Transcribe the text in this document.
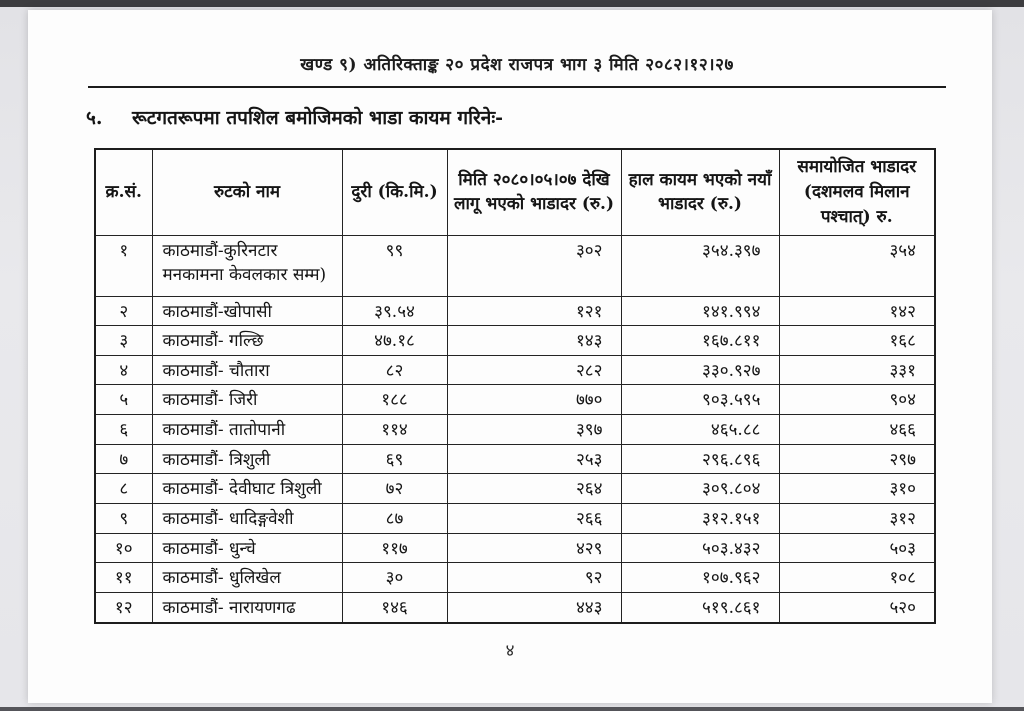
खण्ड ९) अतिरिक्ताङ्क २० प्रदेश राजपत्र भाग ३ मिति २०८२।१२।२७
५.	रूटगतरूपमा तपशिल बमोजिमको भाडा कायम गरिनेः-
क्र.सं.	रुटको नाम	दुरी (कि.मि.)	मिति २०८०।०५।०७ देखि लागू भएको भाडादर (रु.)	हाल कायम भएको नयाँ भाडादर (रु.)	समायोजित भाडादर (दशमलव मिलान पश्चात्) रु.
१	काठमाडौं-कुरिनटार मनकामना केवलकार सम्म)	९९	३०२	३५४.३९७	३५४
२	काठमाडौं-खोपासी	३९.५४	१२१	१४१.९९४	१४२
३	काठमाडौं- गल्छि	४७.१८	१४३	१६७.८११	१६८
४	काठमाडौं- चौतारा	८२	२८२	३३०.९२७	३३१
५	काठमाडौं- जिरी	१८८	७७०	९०३.५९५	९०४
६	काठमाडौं- तातोपानी	११४	३९७	४६५.८८	४६६
७	काठमाडौं- त्रिशुली	६९	२५३	२९६.८९६	२९७
८	काठमाडौं- देवीघाट त्रिशुली	७२	२६४	३०९.८०४	३१०
९	काठमाडौं- धादिङ्गवेशी	८७	२६६	३१२.१५१	३१२
१०	काठमाडौं- धुन्चे	११७	४२९	५०३.४३२	५०३
११	काठमाडौं- धुलिखेल	३०	९२	१०७.९६२	१०८
१२	काठमाडौं- नारायणगढ	१४६	४४३	५१९.८६१	५२०
४
